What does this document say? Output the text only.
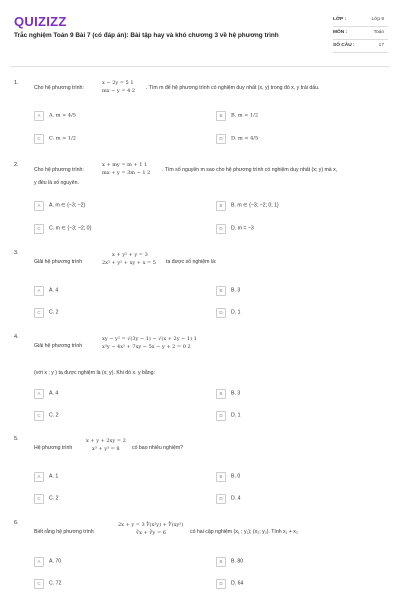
QUIZIZZ
Trắc nghiệm Toán 9 Bài 7 (có đáp án): Bài tập hay và khó chương 3 về hệ phương trình
LỚP :	Lớp 9
MÔN :	Toán
SỐ CÂU :	17
1.
Cho hệ phương trình:
x − 2y = 5 1
mx − y = 4 2 . Tìm m để hệ phương trình có nghiệm duy nhất (x, y) trong đó x, y trái dấu.
A A. m > 4/5	B B. m < 1/2
C C. m > 1/2	D D. m < 4/5
2.
Cho hệ phương trình:
x + my = m + 1 1
mx + y = 3m − 1 2 . Tìm số nguyên m sao cho hệ phương trình có nghiệm duy nhất (x; y) mà x,
y đều là số nguyên.
A A. m ∈ {−3; −2}	B B. m ∈ {−3; −2; 0; 1}
C C. m ∈ {−3; −2; 0}	D D. m = −3
3.
Giải hệ phương trình
x + y² + y = 3
2x² + y² + xy + x = 5 ta được số nghiệm là:
A A. 4	B B. 3
C C. 2	D D. 1
4.
Giải hệ phương trình
xy − y² = √(3y − 1) − √(x + 2y − 1) 1
x³y − 4x² + 7xy − 5x − y + 2 = 0 2
(với x ; y ) ta được nghiệm là (x; y). Khi đó x. y bằng:
A A. 4	B B. 3
C C. 2	D D. 1
5.
Hệ phương trình
x + y + 2xy = 2
x³ + y³ = 8	có bao nhiêu nghiệm?
A A. 1	B B. 0
C C. 2	D D. 4
6.
Biết rằng hệ phương trình
2x + y = 3 ∜(x²y) + ∜(xy²)
∛x + ∛y = 6	có hai cặp nghiệm (x₁ ; y₁); (x₂; y₂). Tính x₁ + x₂
A A. 70	B B. 80
C C. 72	D D. 64
